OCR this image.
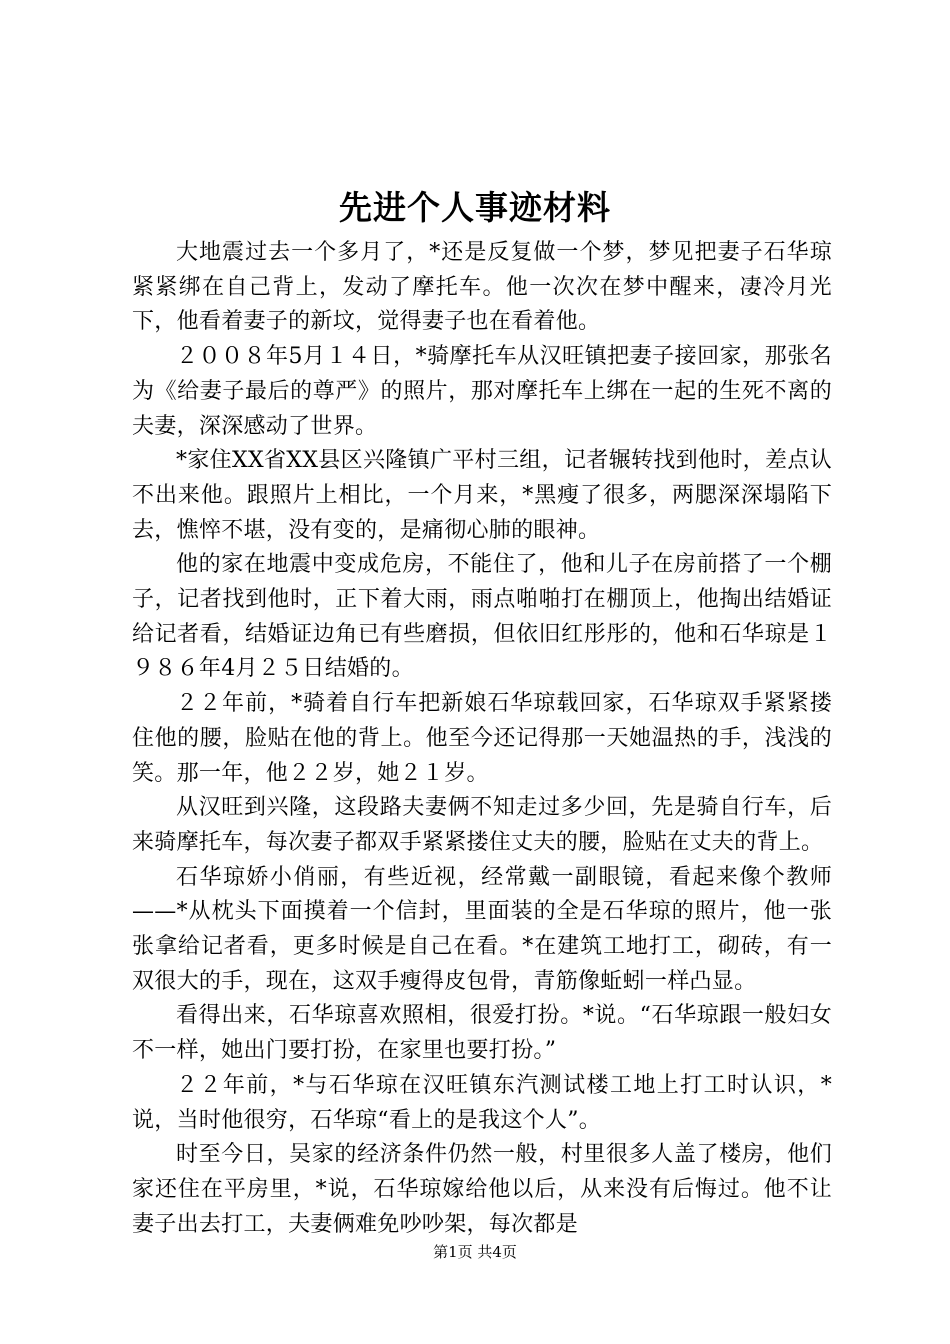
先进个人事迹材料

大地震过去一个多月了，*还是反复做一个梦，梦见把妻子石华琼紧紧绑在自己背上，发动了摩托车。他一次次在梦中醒来，凄冷月光下，他看着妻子的新坟，觉得妻子也在看着他。

２００８年5月１４日，*骑摩托车从汉旺镇把妻子接回家，那张名为《给妻子最后的尊严》的照片，那对摩托车上绑在一起的生死不离的夫妻，深深感动了世界。

*家住XX省XX县区兴隆镇广平村三组，记者辗转找到他时，差点认不出来他。跟照片上相比，一个月来，*黑瘦了很多，两腮深深塌陷下去，憔悴不堪，没有变的，是痛彻心肺的眼神。

他的家在地震中变成危房，不能住了，他和儿子在房前搭了一个棚子，记者找到他时，正下着大雨，雨点啪啪打在棚顶上，他掏出结婚证给记者看，结婚证边角已有些磨损，但依旧红彤彤的，他和石华琼是１９８６年4月２５日结婚的。

２２年前，*骑着自行车把新娘石华琼载回家，石华琼双手紧紧搂住他的腰，脸贴在他的背上。他至今还记得那一天她温热的手，浅浅的笑。那一年，他２２岁，她２１岁。

从汉旺到兴隆，这段路夫妻俩不知走过多少回，先是骑自行车，后来骑摩托车，每次妻子都双手紧紧搂住丈夫的腰，脸贴在丈夫的背上。

石华琼娇小俏丽，有些近视，经常戴一副眼镜，看起来像个教师——*从枕头下面摸着一个信封，里面装的全是石华琼的照片，他一张张拿给记者看，更多时候是自己在看。*在建筑工地打工，砌砖，有一双很大的手，现在，这双手瘦得皮包骨，青筋像蚯蚓一样凸显。

看得出来，石华琼喜欢照相，很爱打扮。*说。“石华琼跟一般妇女不一样，她出门要打扮，在家里也要打扮。”

２２年前，*与石华琼在汉旺镇东汽测试楼工地上打工时认识，*说，当时他很穷，石华琼“看上的是我这个人”。

时至今日，吴家的经济条件仍然一般，村里很多人盖了楼房，他们家还住在平房里，*说，石华琼嫁给他以后，从来没有后悔过。他不让妻子出去打工，夫妻俩难免吵吵架，每次都是

第1页 共4页
